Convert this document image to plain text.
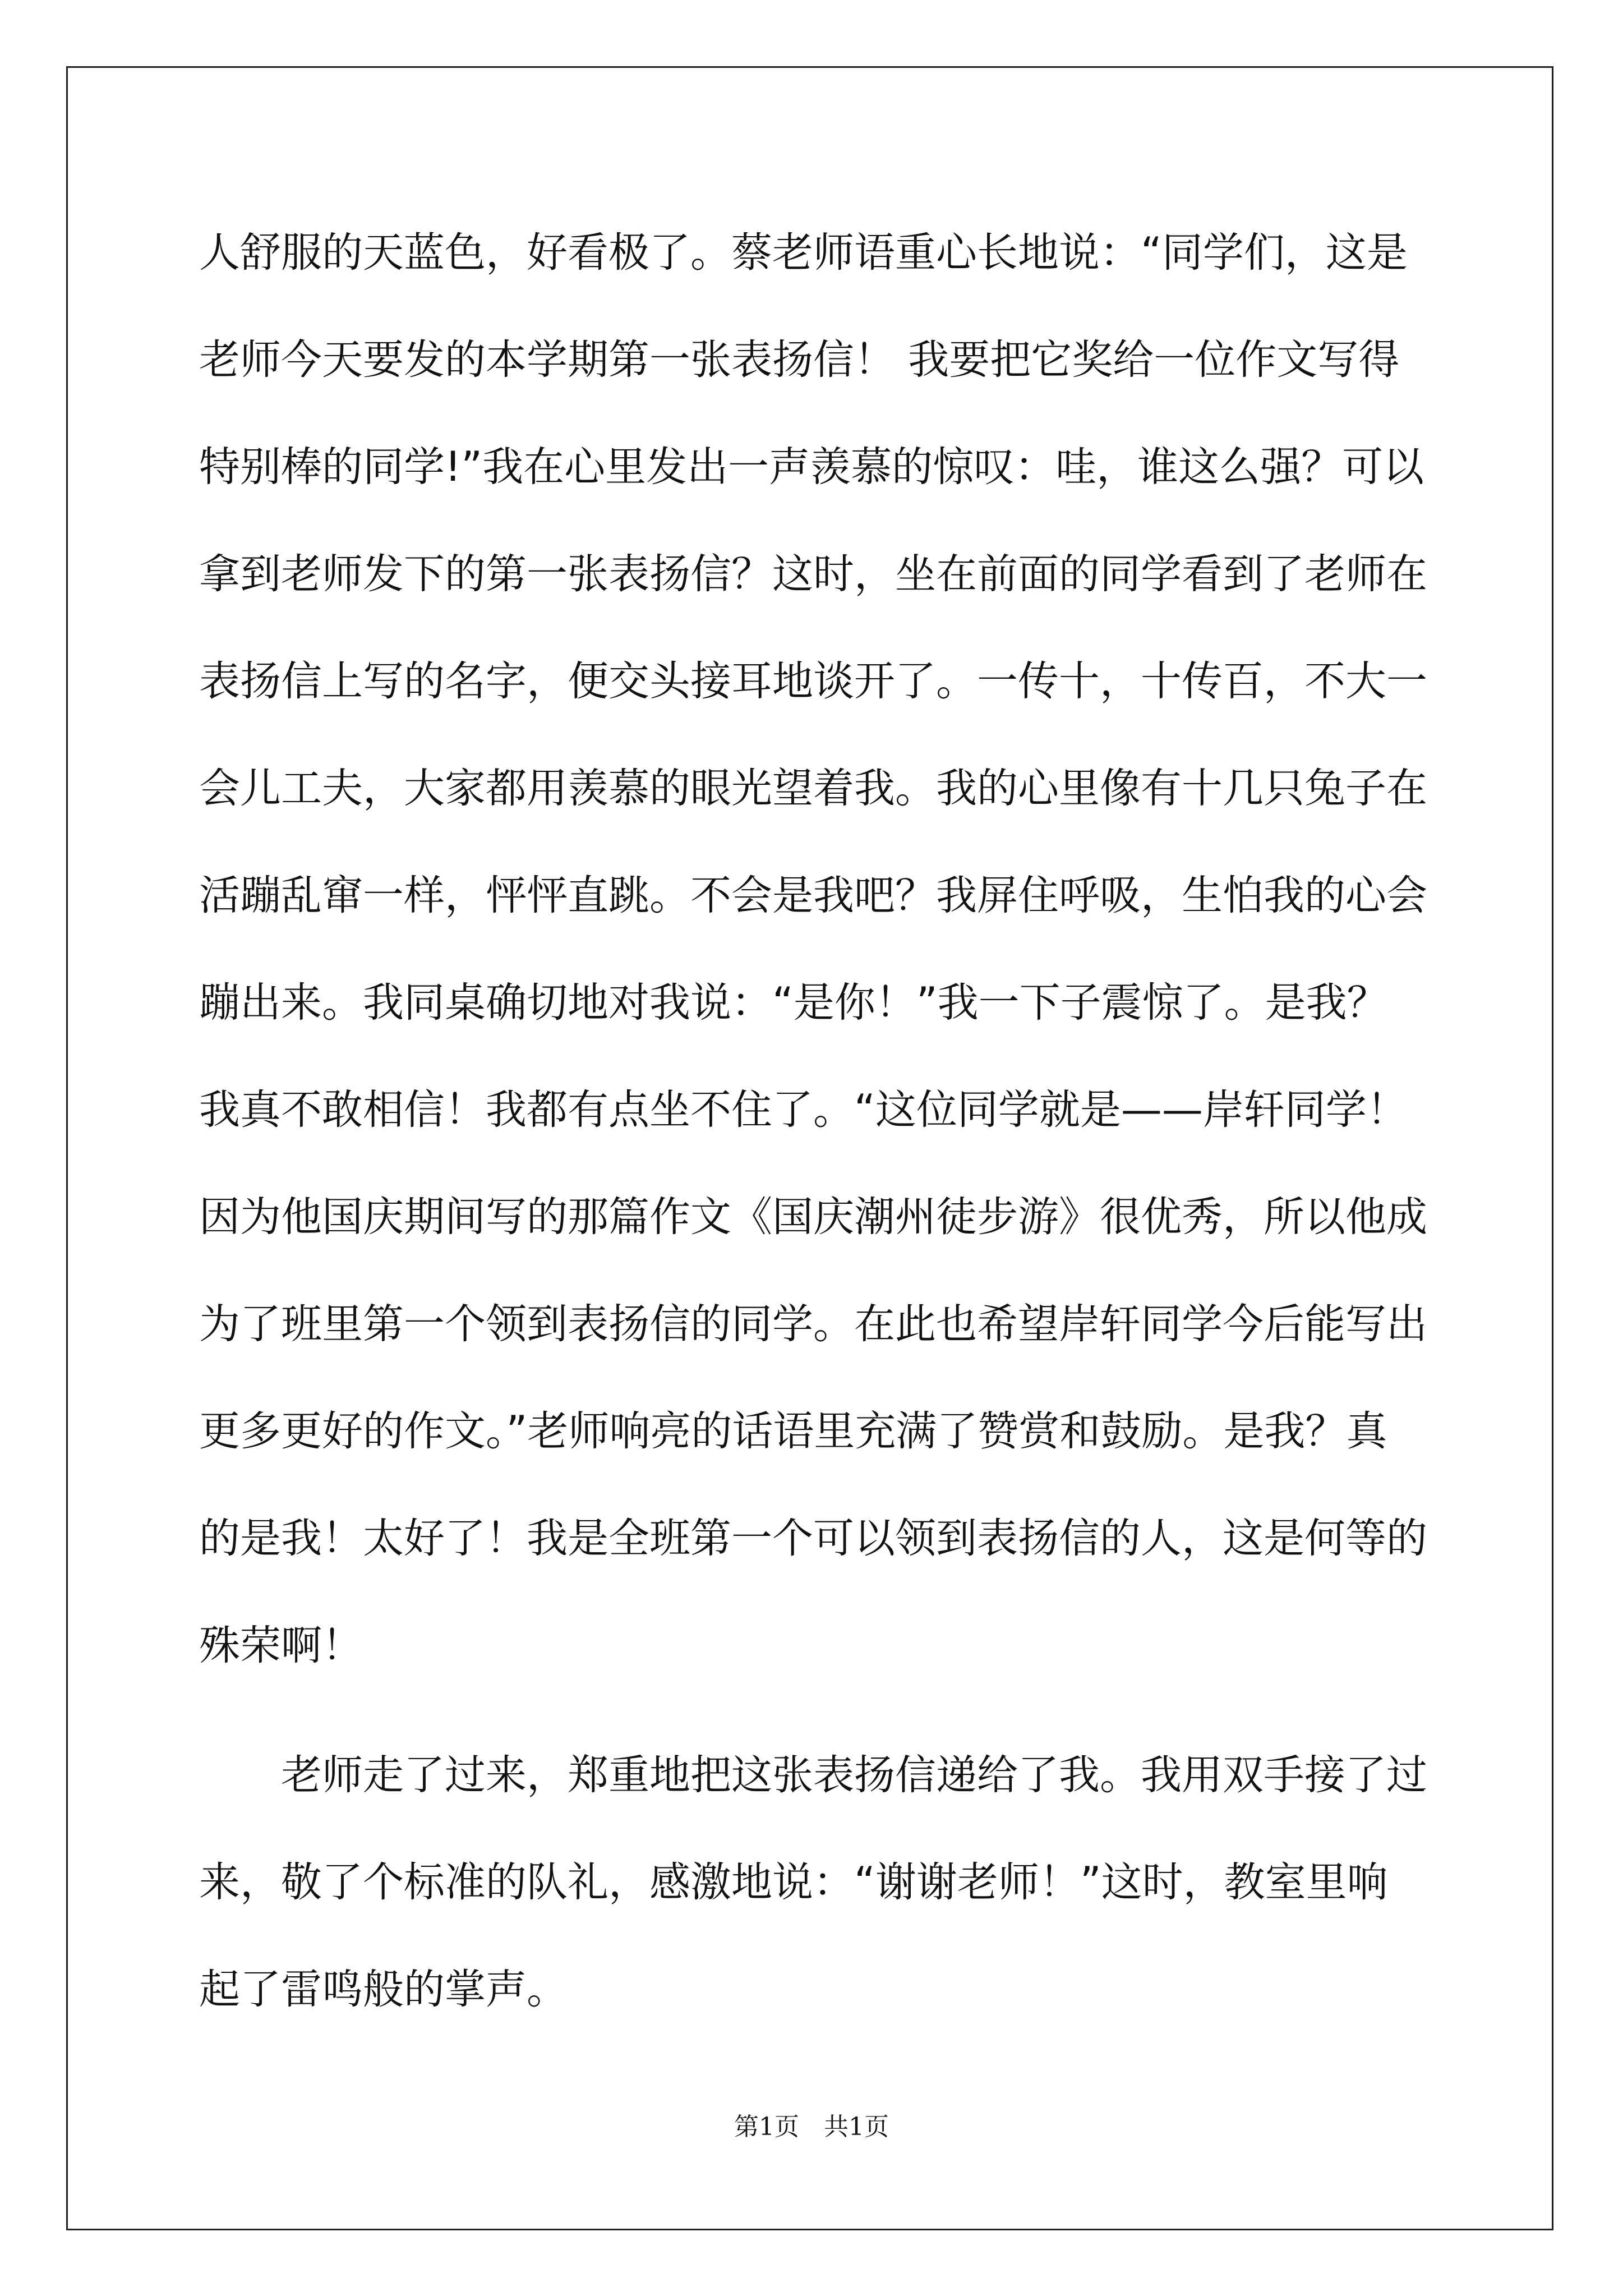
人舒服的天蓝色，好看极了。蔡老师语重心长地说：“同学们，这是
老师今天要发的本学期第一张表扬信！ 我要把它奖给一位作文写得
特别棒的同学!”我在心里发出一声羡慕的惊叹：哇，谁这么强？可以
拿到老师发下的第一张表扬信？这时，坐在前面的同学看到了老师在
表扬信上写的名字，便交头接耳地谈开了。一传十，十传百，不大一
会儿工夫，大家都用羡慕的眼光望着我。我的心里像有十几只兔子在
活蹦乱窜一样，怦怦直跳。不会是我吧？我屏住呼吸，生怕我的心会
蹦出来。我同桌确切地对我说：“是你！”我一下子震惊了。是我？
我真不敢相信！我都有点坐不住了。“这位同学就是——岸轩同学！
因为他国庆期间写的那篇作文《国庆潮州徒步游》很优秀，所以他成
为了班里第一个领到表扬信的同学。在此也希望岸轩同学今后能写出
更多更好的作文。”老师响亮的话语里充满了赞赏和鼓励。是我？真
的是我！太好了！我是全班第一个可以领到表扬信的人，这是何等的
殊荣啊！
　　老师走了过来，郑重地把这张表扬信递给了我。我用双手接了过
来，敬了个标准的队礼，感激地说：“谢谢老师！”这时，教室里响
起了雷鸣般的掌声。
第1页　共1页
